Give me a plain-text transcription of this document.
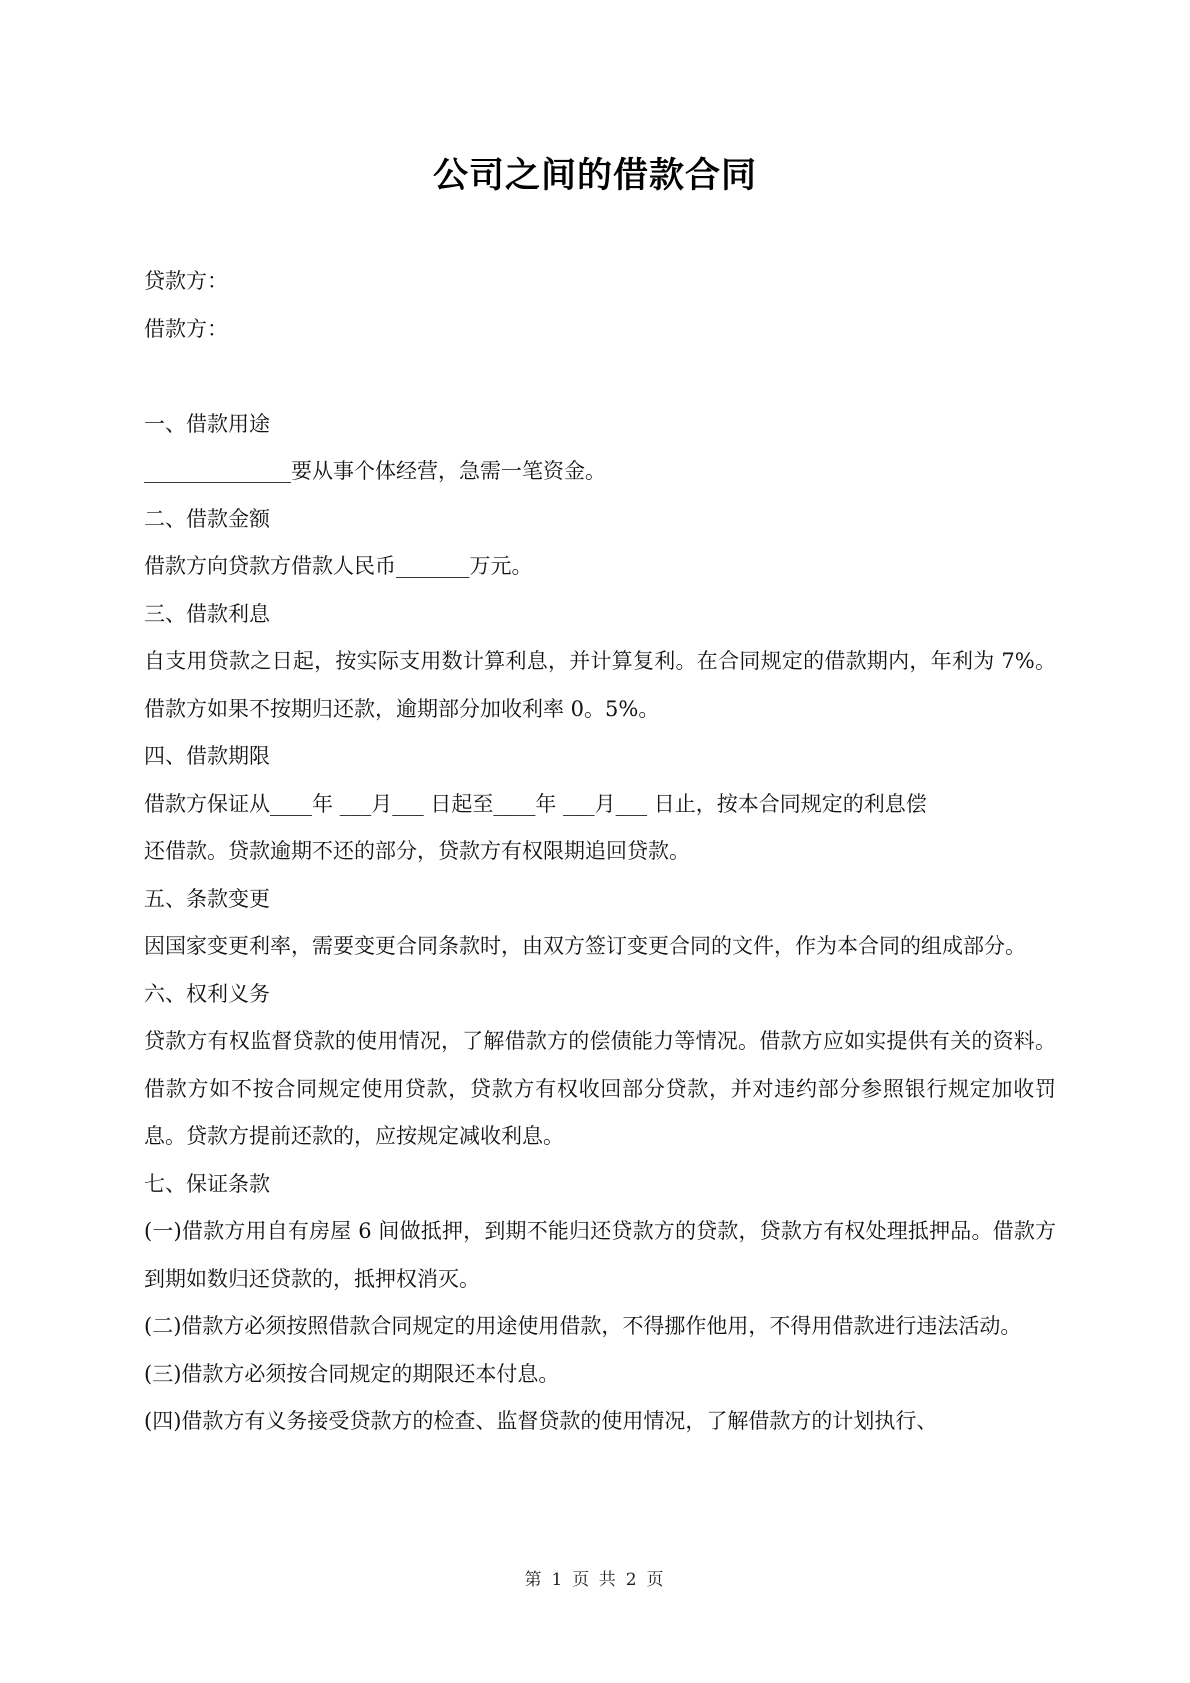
公司之间的借款合同
贷款方：
借款方：
一、借款用途
______________要从事个体经营，急需一笔资金。
二、借款金额
借款方向贷款方借款人民币_______万元。
三、借款利息
自支用贷款之日起，按实际支用数计算利息，并计算复利。在合同规定的借款期内，年利为 7%。借款方如果不按期归还款，逾期部分加收利率 0。5%。
四、借款期限
借款方保证从____年 ___月___ 日起至____年 ___月___ 日止，按本合同规定的利息偿
还借款。贷款逾期不还的部分，贷款方有权限期追回贷款。
五、条款变更
因国家变更利率，需要变更合同条款时，由双方签订变更合同的文件，作为本合同的组成部分。
六、权利义务
贷款方有权监督贷款的使用情况，了解借款方的偿债能力等情况。借款方应如实提供有关的资料。借款方如不按合同规定使用贷款，贷款方有权收回部分贷款，并对违约部分参照银行规定加收罚息。贷款方提前还款的，应按规定减收利息。
七、保证条款
(一)借款方用自有房屋 6 间做抵押，到期不能归还贷款方的贷款，贷款方有权处理抵押品。借款方到期如数归还贷款的，抵押权消灭。
(二)借款方必须按照借款合同规定的用途使用借款，不得挪作他用，不得用借款进行违法活动。
(三)借款方必须按合同规定的期限还本付息。
(四)借款方有义务接受贷款方的检查、监督贷款的使用情况，了解借款方的计划执行、
第 1 页 共 2 页
